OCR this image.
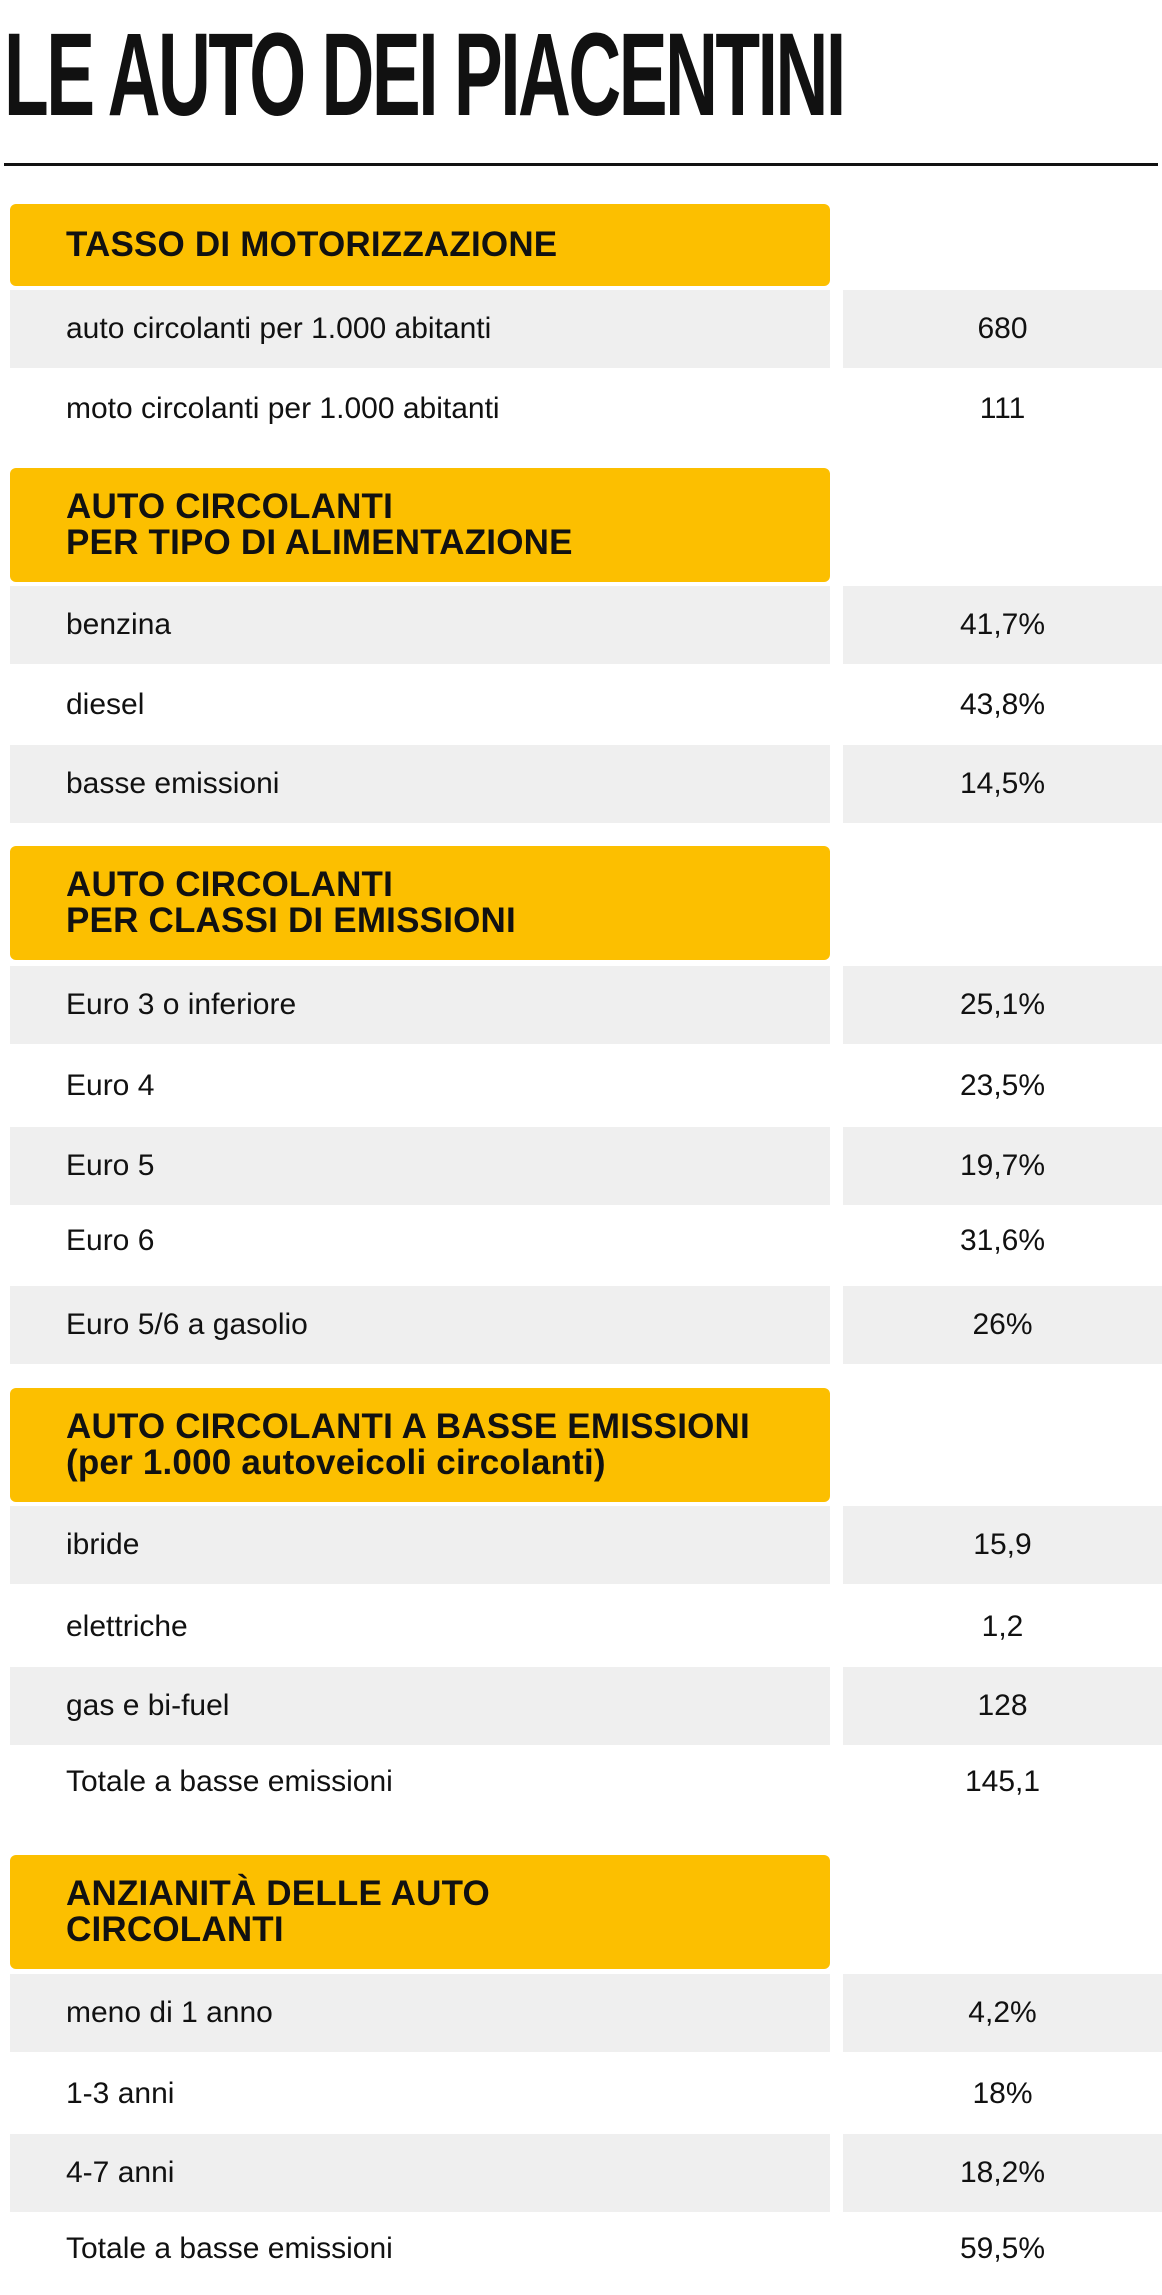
LE AUTO DEI PIACENTINI
TASSO DI MOTORIZZAZIONE
auto circolanti per 1.000 abitanti	680
moto circolanti per 1.000 abitanti	111
AUTO CIRCOLANTI
PER TIPO DI ALIMENTAZIONE
benzina	41,7%
diesel	43,8%
basse emissioni	14,5%
AUTO CIRCOLANTI
PER CLASSI DI EMISSIONI
Euro 3 o inferiore	25,1%
Euro 4	23,5%
Euro 5	19,7%
Euro 6	31,6%
Euro 5/6 a gasolio	26%
AUTO CIRCOLANTI A BASSE EMISSIONI
(per 1.000 autoveicoli circolanti)
ibride	15,9
elettriche	1,2
gas e bi-fuel	128
Totale a basse emissioni	145,1
ANZIANITÀ DELLE AUTO
CIRCOLANTI
meno di 1 anno	4,2%
1-3 anni	18%
4-7 anni	18,2%
Totale a basse emissioni	59,5%
